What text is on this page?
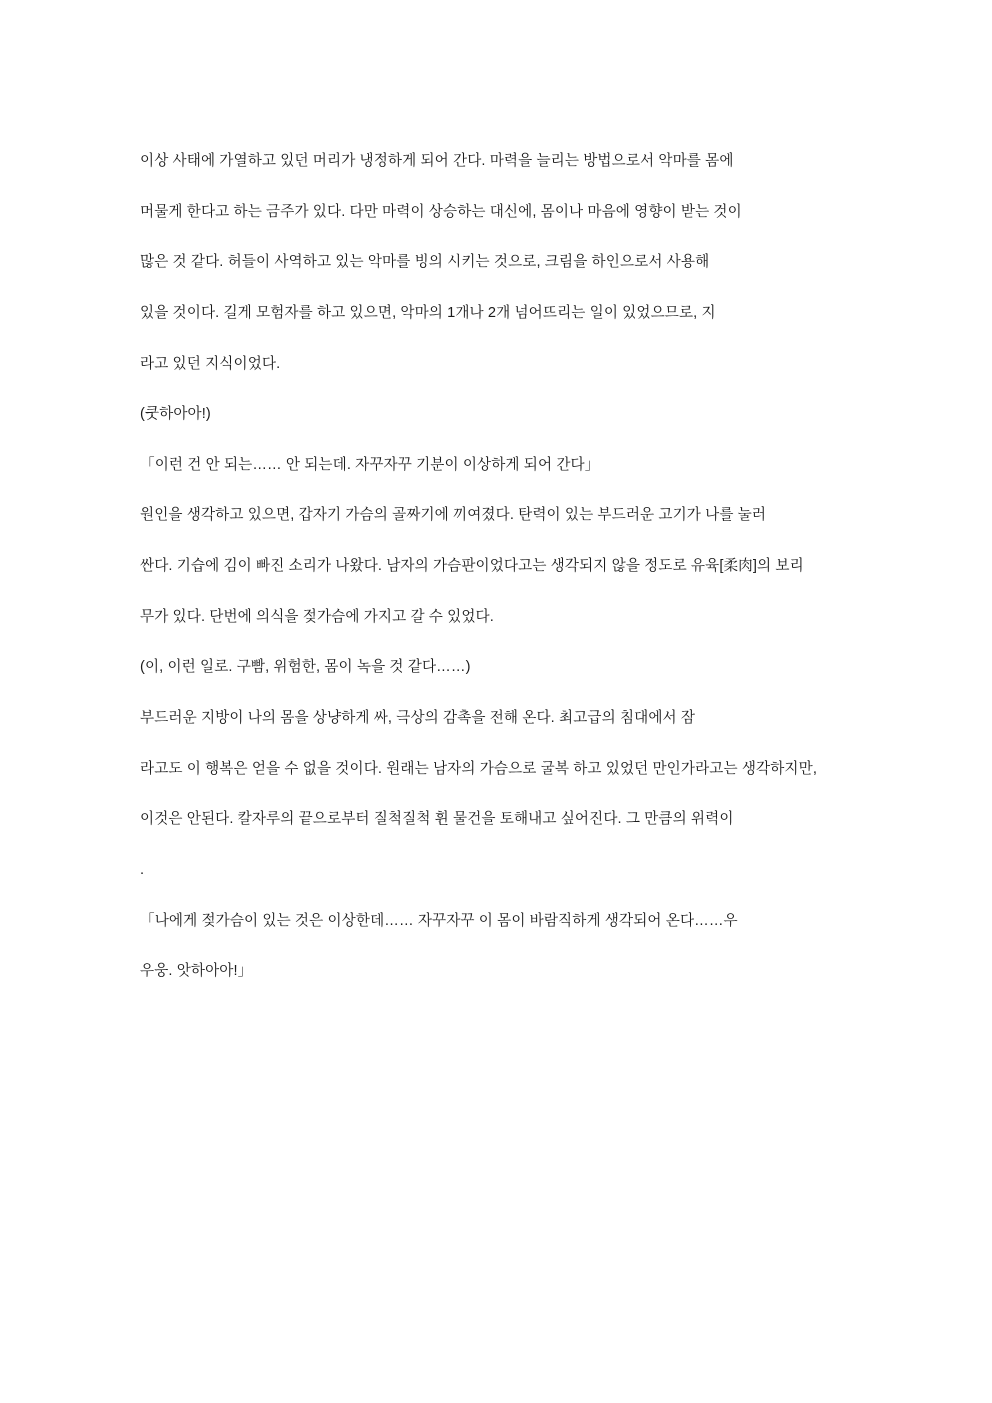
이상 사태에 가열하고 있던 머리가 냉정하게 되어 간다. 마력을 늘리는 방법으로서 악마를 몸에

머물게 한다고 하는 금주가 있다. 다만 마력이 상승하는 대신에, 몸이나 마음에 영향이 받는 것이

많은 것 같다. 허들이 사역하고 있는 악마를 빙의 시키는 것으로, 크림을 하인으로서 사용해

있을 것이다. 길게 모험자를 하고 있으면, 악마의 1개나 2개 넘어뜨리는 일이 있었으므로, 지

라고 있던 지식이었다.

(쿳하아아!)

「이런 건 안 되는…… 안 되는데. 자꾸자꾸 기분이 이상하게 되어 간다」

원인을 생각하고 있으면, 갑자기 가슴의 골짜기에 끼여졌다. 탄력이 있는 부드러운 고기가 나를 눌러

싼다. 기습에 김이 빠진 소리가 나왔다. 남자의 가슴판이었다고는 생각되지 않을 정도로 유육[柔肉]의 보리

무가 있다. 단번에 의식을 젖가슴에 가지고 갈 수 있었다.

(이, 이런 일로. 구빰, 위험한, 몸이 녹을 것 같다……)

부드러운 지방이 나의 몸을 상냥하게 싸, 극상의 감촉을 전해 온다. 최고급의 침대에서 잠

라고도 이 행복은 얻을 수 없을 것이다. 원래는 남자의 가슴으로 굴복 하고 있었던 만인가라고는 생각하지만,

이것은 안된다. 칼자루의 끝으로부터 질척질척 휜 물건을 토해내고 싶어진다. 그 만큼의 위력이

.

「나에게 젖가슴이 있는 것은 이상한데…… 자꾸자꾸 이 몸이 바람직하게 생각되어 온다……우

우웅. 앗하아아!」
